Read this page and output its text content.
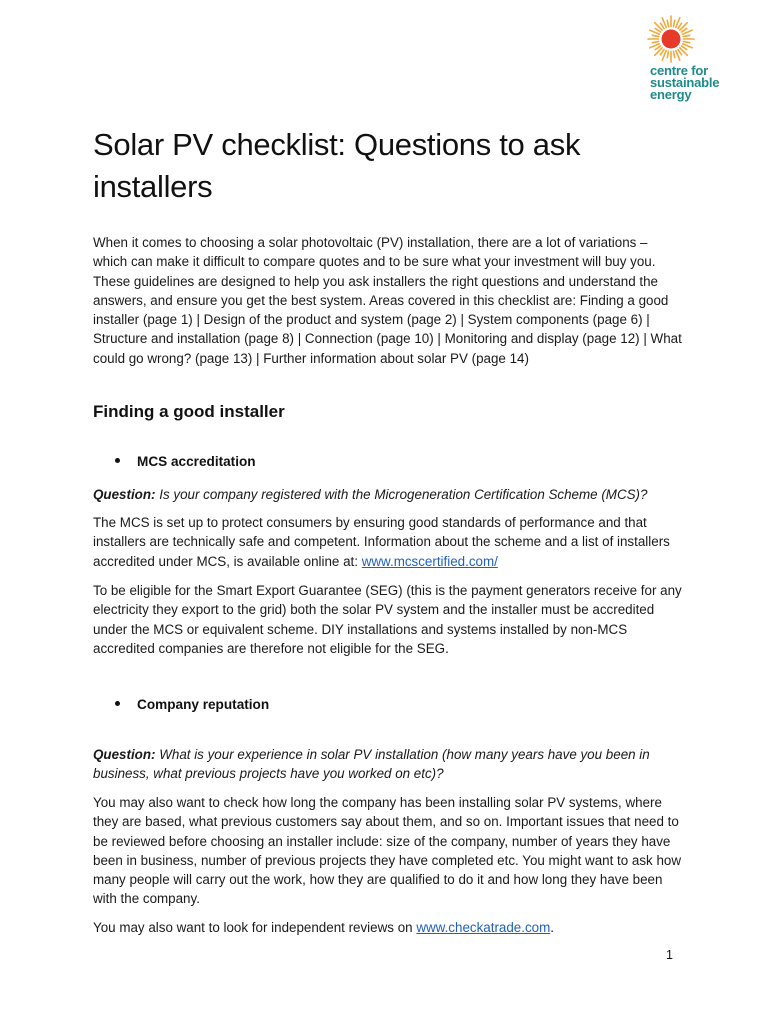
centre for
sustainable
energy
Solar PV checklist: Questions to ask installers

When it comes to choosing a solar photovoltaic (PV) installation, there are a lot of variations – which can make it difficult to compare quotes and to be sure what your investment will buy you. These guidelines are designed to help you ask installers the right questions and understand the answers, and ensure you get the best system. Areas covered in this checklist are: Finding a good installer (page 1) | Design of the product and system (page 2) | System components (page 6) | Structure and installation (page 8) | Connection (page 10) | Monitoring and display (page 12) | What could go wrong? (page 13) | Further information about solar PV (page 14)

Finding a good installer
MCS accreditation

Question: Is your company registered with the Microgeneration Certification Scheme (MCS)?

The MCS is set up to protect consumers by ensuring good standards of performance and that installers are technically safe and competent. Information about the scheme and a list of installers accredited under MCS, is available online at: www.mcscertified.com/

To be eligible for the Smart Export Guarantee (SEG) (this is the payment generators receive for any electricity they export to the grid) both the solar PV system and the installer must be accredited under the MCS or equivalent scheme. DIY installations and systems installed by non-MCS accredited companies are therefore not eligible for the SEG.

Company reputation

Question: What is your experience in solar PV installation (how many years have you been in business, what previous projects have you worked on etc)?

You may also want to check how long the company has been installing solar PV systems, where they are based, what previous customers say about them, and so on. Important issues that need to be reviewed before choosing an installer include: size of the company, number of years they have been in business, number of previous projects they have completed etc. You might want to ask how many people will carry out the work, how they are qualified to do it and how long they have been with the company.

You may also want to look for independent reviews on www.checkatrade.com.

1
